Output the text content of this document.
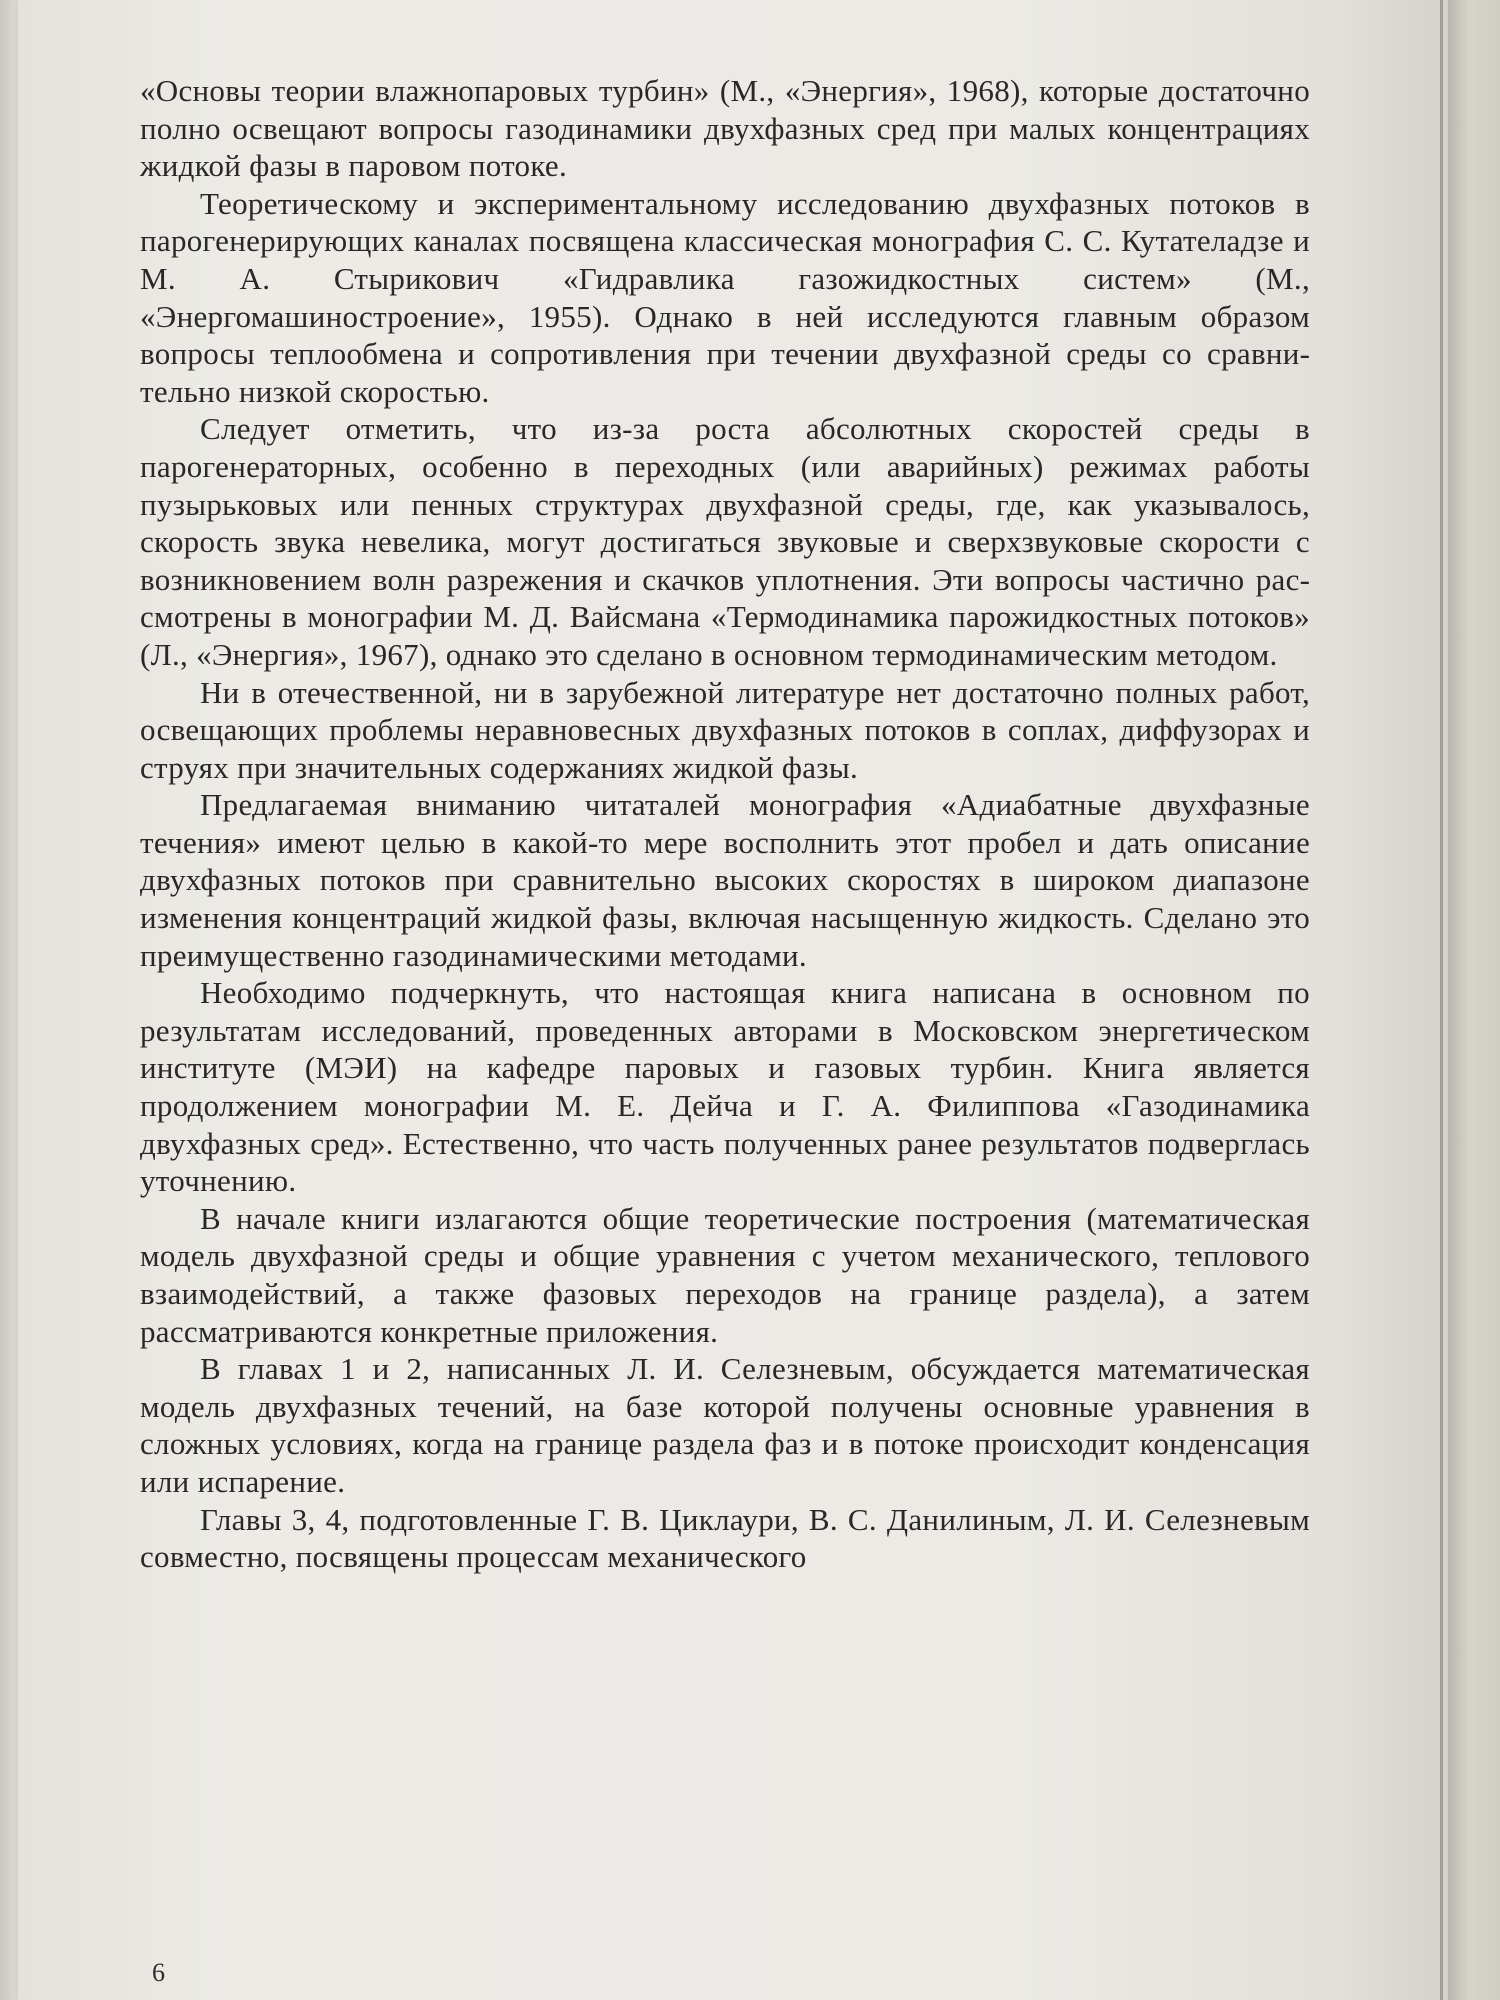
«Основы теории влажнопаровых турбин» (М., «Энергия», 1968), которые достаточно полно освещают вопросы газодинамики двухфазных сред при малых концентрациях жидкой фазы в паровом потоке.

Теоретическому и экспериментальному исследованию двухфазных потоков в парогенерирующих каналах посвящена классическая монография С. С. Кутателадзе и М. А. Стырикович «Гидравлика газожидкостных систем» (М., «Энергомашиностроение», 1955). Однако в ней исследуются главным образом вопросы теплообмена и сопротивления при течении двухфазной среды со сравнительно низкой скоростью.

Следует отметить, что из-за роста абсолютных скоростей среды в парогенераторных, особенно в переходных (или аварийных) режимах работы пузырьковых или пенных структурах двухфазной среды, где, как указывалось, скорость звука невелика, могут достигаться звуковые и сверхзвуковые скорости с возникновением волн разрежения и скачков уплотнения. Эти вопросы частично рассмотрены в монографии М. Д. Вайсмана «Термодинамика парожидкостных потоков» (Л., «Энергия», 1967), однако это сделано в основном термодинамическим методом.

Ни в отечественной, ни в зарубежной литературе нет достаточно полных работ, освещающих проблемы неравновесных двухфазных потоков в соплах, диффузорах и струях при значительных содержаниях жидкой фазы.

Предлагаемая вниманию читаталей монография «Адиабатные двухфазные течения» имеют целью в какой-то мере восполнить этот пробел и дать описание двухфазных потоков при сравнительно высоких скоростях в широком диапазоне изменения концентраций жидкой фазы, включая насыщенную жидкость. Сделано это преимущественно газодинамическими методами.

Необходимо подчеркнуть, что настоящая книга написана в основном по результатам исследований, проведенных авторами в Московском энергетическом институте (МЭИ) на кафедре паровых и газовых турбин. Книга является продолжением монографии М. Е. Дейча и Г. А. Филиппова «Газодинамика двухфазных сред». Естественно, что часть полученных ранее результатов подверглась уточнению.

В начале книги излагаются общие теоретические построения (математическая модель двухфазной среды и общие уравнения с учетом механического, теплового взаимодействий, а также фазовых переходов на границе раздела), а затем рассматриваются конкретные приложения.

В главах 1 и 2, написанных Л. И. Селезневым, обсуждается математическая модель двухфазных течений, на базе которой получены основные уравнения в сложных условиях, когда на границе раздела фаз и в потоке происходит конденсация или испарение.

Главы 3, 4, подготовленные Г. В. Циклаури, В. С. Данилиным, Л. И. Селезневым совместно, посвящены процессам механического

6
